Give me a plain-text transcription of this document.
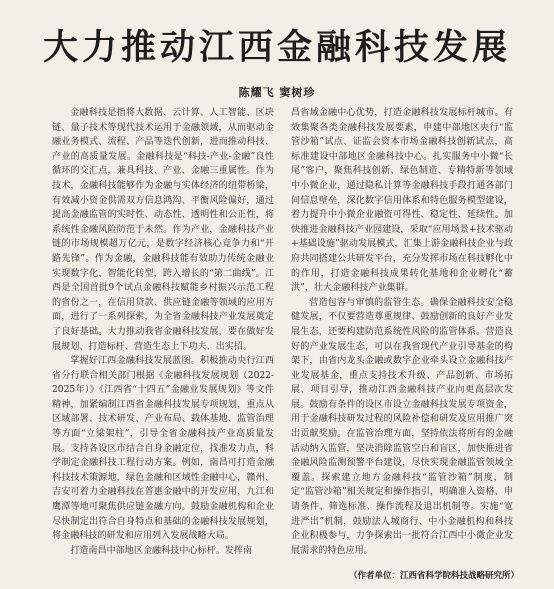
大力推动江西金融科技发展
陈耀飞 窦树珍

金融科技是指将大数据、云计算、人工智能、区块链、量子技术等现代技术运用于金融领域，从而驱动金融业务模式、流程、产品等迭代创新，进而推动科技、产业的高质量发展。金融科技是“科技-产业-金融”良性循环的交汇点，兼具科技、产业、金融三重属性。作为技术，金融科技能够作为金融与实体经济的纽带桥梁，有效减小资金供需双方信息鸿沟、平衡风险偏好，通过提高金融监管的实时性、动态性、透明性和公正性，将系统性金融风险防范于未然。作为产业，金融科技产业链的市场规模超万亿元，是数字经济核心竞争力和“开路先锋”。作为金融，金融科技能有效助力传统金融业实现数字化、智能化转型，跨入增长的“第二曲线”。江西是全国首批9个试点金融科技赋能乡村振兴示范工程的省份之一，在信用贷款、供应链金融等领域的应用方面，进行了一系列探索，为全省金融科技产业发展奠定了良好基础。大力推动我省金融科技发展，要在做好发展规划、打造标杆、营造生态上下功夫、出实招。

掌握好江西金融科技发展蓝图。积极推动央行江西省分行联合相关部门根据《金融科技发展规划（2022-2025年）》《江西省“十四五”金融业发展规划》等文件精神，加紧编制江西省金融科技发展专项规划，重点从区域部署、技术研发、产业布局、载体基地、监管治理等方面“立梁架柱”，引导全省金融科技产业高质量发展。支持各设区市结合自身金融定位，找准发力点，科学制定金融科技工程行动方案。例如，南昌可打造金融科技技术策源地，绿色金融和区域性金融中心，赣州、吉安可着力金融科技在普惠金融中的开发应用，九江和鹰潭等地可聚焦供应链金融方向。鼓励金融机构和企业尽快制定出符合自身特点和基础的金融科技发展规划，将金融科技的研发和应用列入发展战略大局。

打造南昌中部地区金融科技中心标杆。发挥南

昌省域金融中心优势，打造金融科技发展标杆城市。有效集聚各类金融科技发展要素，申建中部地区央行“监管沙箱”试点、证监会资本市场金融科技创新试点，高标准建设中部地区金融科技中心。扎实服务中小微“长尾”客户，聚焦科技创新、绿色制造、专精特新等领域中小微企业，通过隐私计算等金融科技手段打通各部门间信息壁垒，深化数字信用体系和特色服务模型建设，着力提升中小微企业融资可得性、稳定性、延续性。加快推进金融科技产业园建设，采取“应用场景+技术驱动+基础设施”驱动发展模式，汇集上游金融科技企业与政府共同搭建公共研发平台，充分发挥市场在科技孵化中的作用，打造金融科技成果转化基地和企业孵化“蓄洪”，壮大金融科技产业集群。

营造包容与审慎的监管生态。确保金融科技安全稳健发展，不仅要营造尊重规律、鼓励创新的良好产业发展生态，还要构建防范系统性风险的监管体系。营造良好的产业发展生态，可以在我省现代产业引导基金的构架下，由省内龙头金融或数字企业牵头设立金融科技产业发展基金，重点支持技术升级、产品创新、市场拓展、项目引导，推动江西金融科技产业向更高层次发展。鼓励有条件的设区市设立金融科技发展专项资金，用于金融科技研发过程的风险补偿和研发及应用推广突出贡献奖励。在监管治理方面，坚持依法将所有的金融活动纳入监管，坚决消除监管空白和盲区，加快推进省金融风险监测预警平台建设，尽快实现金融监管领域全覆盖。探索建立地方金融科技“监管沙箱”制度，制定“监管沙箱”相关规定和操作指引，明确准入资格、申请条件、筛选标准、操作流程及退出机制等。实施“宽进严出”机制，鼓励法人城商行、中小金融机构和科技企业积极参与，力争探索出一批符合江西中小微企业发展需求的特色应用。

（作者单位：江西省科学院科技战略研究所）
